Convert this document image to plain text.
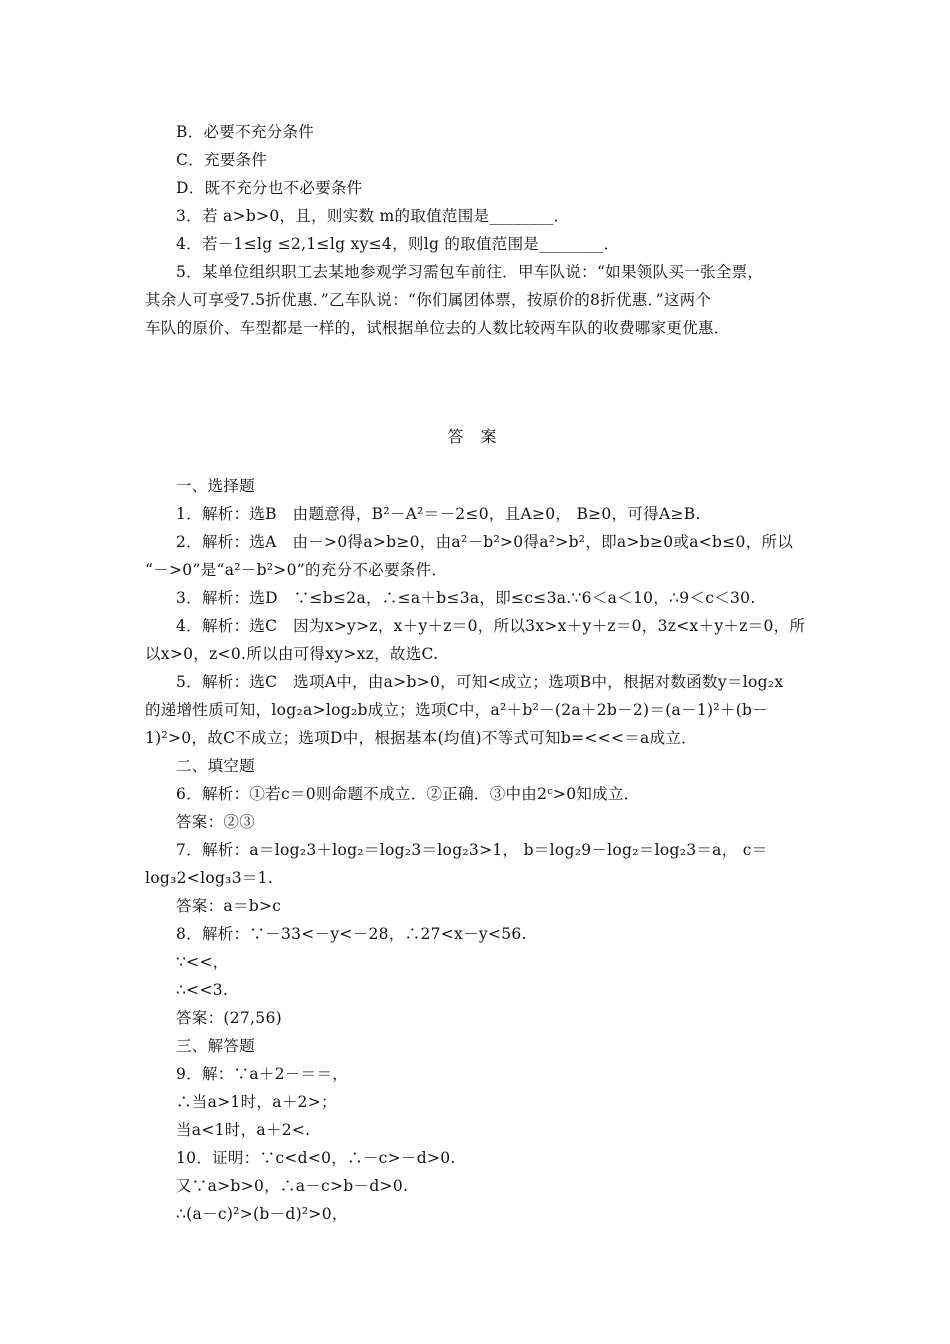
B．必要不充分条件
C．充要条件
D．既不充分也不必要条件
3．若 a>b>0，且，则实数 m的取值范围是________．
4．若－1≤lg ≤2,1≤lg xy≤4，则lg 的取值范围是________．
5．某单位组织职工去某地参观学习需包车前往．甲车队说：“如果领队买一张全票，
其余人可享受7.5折优惠．”乙车队说：“你们属团体票，按原价的8折优惠．”这两个
车队的原价、车型都是一样的，试根据单位去的人数比较两车队的收费哪家更优惠．
答 案
一、选择题
1．解析：选B　由题意得，B²－A²＝－2≤0，且A≥0， B≥0，可得A≥B.
2．解析：选A　由－>0得a>b≥0，由a²－b²>0得a²>b²，即a>b≥0或a<b≤0，所以
“－>0”是“a²－b²>0”的充分不必要条件．
3．解析：选D　∵≤b≤2a，∴≤a＋b≤3a，即≤c≤3a.∵6＜a＜10，∴9＜c＜30.
4．解析：选C　因为x>y>z，x＋y＋z＝0，所以3x>x＋y＋z＝0，3z<x＋y＋z＝0，所
以x>0，z<0.所以由可得xy>xz，故选C.
5．解析：选C　选项A中，由a>b>0，可知<成立；选项B中，根据对数函数y＝log₂x
的递增性质可知，log₂a>log₂b成立；选项C中，a²＋b²－(2a＋2b－2)＝(a－1)²＋(b－
1)²>0，故C不成立；选项D中，根据基本(均值)不等式可知b=<<<＝a成立．
二、填空题
6．解析：①若c＝0则命题不成立．②正确．③中由2ᶜ>0知成立．
答案：②③
7．解析：a＝log₂3＋log₂＝log₂3＝log₂3>1， b＝log₂9－log₂＝log₂3＝a， c＝
log₃2<log₃3＝1.
答案：a＝b>c
8．解析：∵－33<－y<－28，∴27<x－y<56.
∵<<，
∴<<3.
答案：(27,56)
三、解答题
9．解：∵a＋2－＝＝，
∴当a>1时，a＋2>；
当a<1时，a＋2<.
10．证明：∵c<d<0，∴－c>－d>0.
又∵a>b>0，∴a－c>b－d>0.
∴(a－c)²>(b－d)²>0，
